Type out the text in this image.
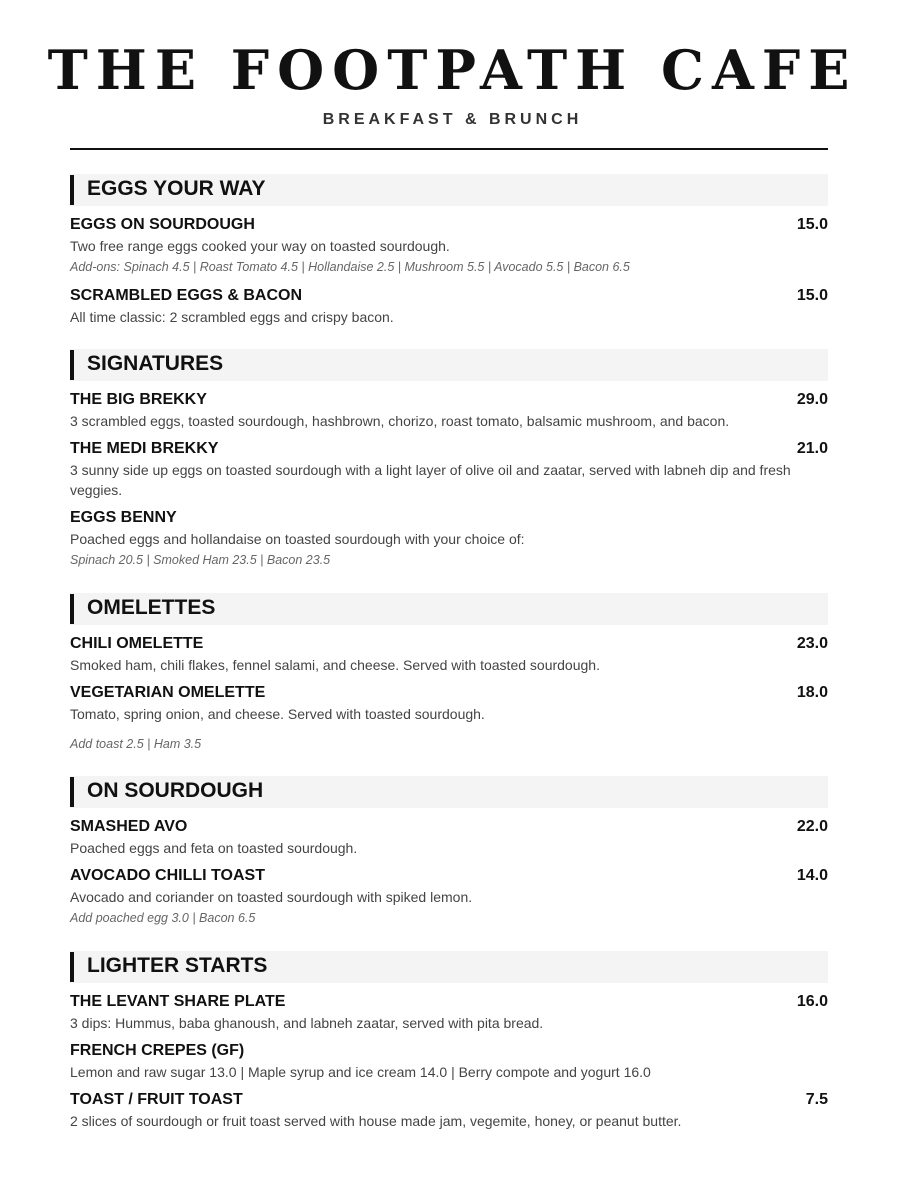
THE FOOTPATH CAFE
BREAKFAST & BRUNCH
EGGS YOUR WAY
EGGS ON SOURDOUGH	15.0
Two free range eggs cooked your way on toasted sourdough.
Add-ons: Spinach 4.5 | Roast Tomato 4.5 | Hollandaise 2.5 | Mushroom 5.5 | Avocado 5.5 | Bacon 6.5
SCRAMBLED EGGS & BACON	15.0
All time classic: 2 scrambled eggs and crispy bacon.
SIGNATURES
THE BIG BREKKY	29.0
3 scrambled eggs, toasted sourdough, hashbrown, chorizo, roast tomato, balsamic mushroom, and bacon.
THE MEDI BREKKY	21.0
3 sunny side up eggs on toasted sourdough with a light layer of olive oil and zaatar, served with labneh dip and fresh veggies.
EGGS BENNY
Poached eggs and hollandaise on toasted sourdough with your choice of:
Spinach 20.5 | Smoked Ham 23.5 | Bacon 23.5
OMELETTES
CHILI OMELETTE	23.0
Smoked ham, chili flakes, fennel salami, and cheese. Served with toasted sourdough.
VEGETARIAN OMELETTE	18.0
Tomato, spring onion, and cheese. Served with toasted sourdough.
Add toast 2.5 | Ham 3.5
ON SOURDOUGH
SMASHED AVO	22.0
Poached eggs and feta on toasted sourdough.
AVOCADO CHILLI TOAST	14.0
Avocado and coriander on toasted sourdough with spiked lemon.
Add poached egg 3.0 | Bacon 6.5
LIGHTER STARTS
THE LEVANT SHARE PLATE	16.0
3 dips: Hummus, baba ghanoush, and labneh zaatar, served with pita bread.
FRENCH CREPES (GF)
Lemon and raw sugar 13.0 | Maple syrup and ice cream 14.0 | Berry compote and yogurt 16.0
TOAST / FRUIT TOAST	7.5
2 slices of sourdough or fruit toast served with house made jam, vegemite, honey, or peanut butter.
